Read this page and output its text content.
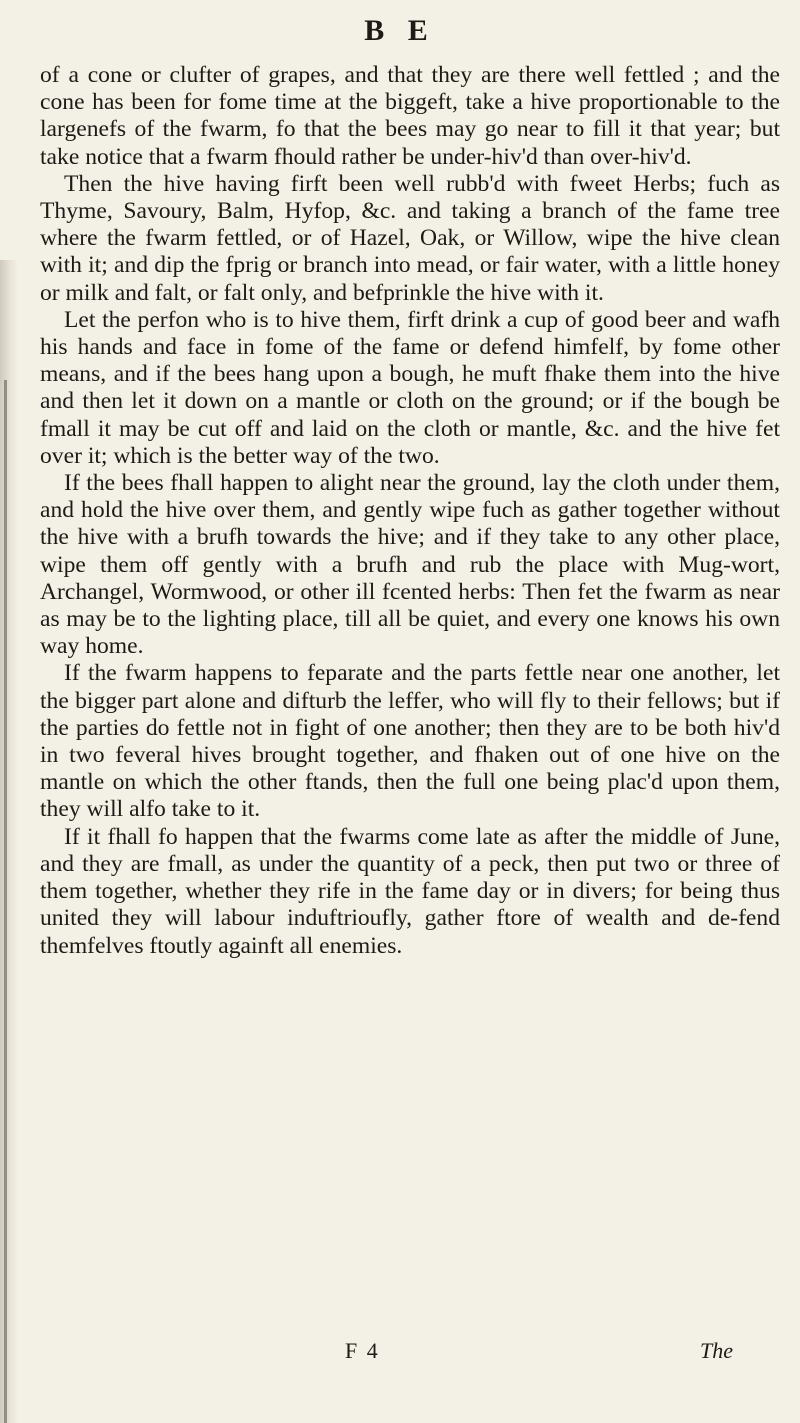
B E

of a cone or clufter of grapes, and that they are there well fettled ; and the cone has been for fome time at the biggeft, take a hive proportionable to the largenefs of the fwarm, fo that the bees may go near to fill it that year; but take notice that a fwarm fhould rather be under-hiv'd than over-hiv'd.

Then the hive having firft been well rubb'd with fweet Herbs; fuch as Thyme, Savoury, Balm, Hyfop, &c. and taking a branch of the fame tree where the fwarm fettled, or of Hazel, Oak, or Willow, wipe the hive clean with it; and dip the fprig or branch into mead, or fair water, with a little honey or milk and falt, or falt only, and befprinkle the hive with it.

Let the perfon who is to hive them, firft drink a cup of good beer and wafh his hands and face in fome of the fame or defend himfelf, by fome other means, and if the bees hang upon a bough, he muft fhake them into the hive and then let it down on a mantle or cloth on the ground; or if the bough be fmall it may be cut off and laid on the cloth or mantle, &c. and the hive fet over it; which is the better way of the two.

If the bees fhall happen to alight near the ground, lay the cloth under them, and hold the hive over them, and gently wipe fuch as gather together without the hive with a brufh towards the hive; and if they take to any other place, wipe them off gently with a brufh and rub the place with Mug-wort, Archangel, Wormwood, or other ill fcented herbs: Then fet the fwarm as near as may be to the lighting place, till all be quiet, and every one knows his own way home.

If the fwarm happens to feparate and the parts fettle near one another, let the bigger part alone and difturb the leffer, who will fly to their fellows; but if the parties do fettle not in fight of one another; then they are to be both hiv'd in two feveral hives brought together, and fhaken out of one hive on the mantle on which the other ftands, then the full one being plac'd upon them, they will alfo take to it.

If it fhall fo happen that the fwarms come late as after the middle of June, and they are fmall, as under the quantity of a peck, then put two or three of them together, whether they rife in the fame day or in divers; for being thus united they will labour induftrioufly, gather ftore of wealth and de-fend themfelves ftoutly againft all enemies.

F 4	The
